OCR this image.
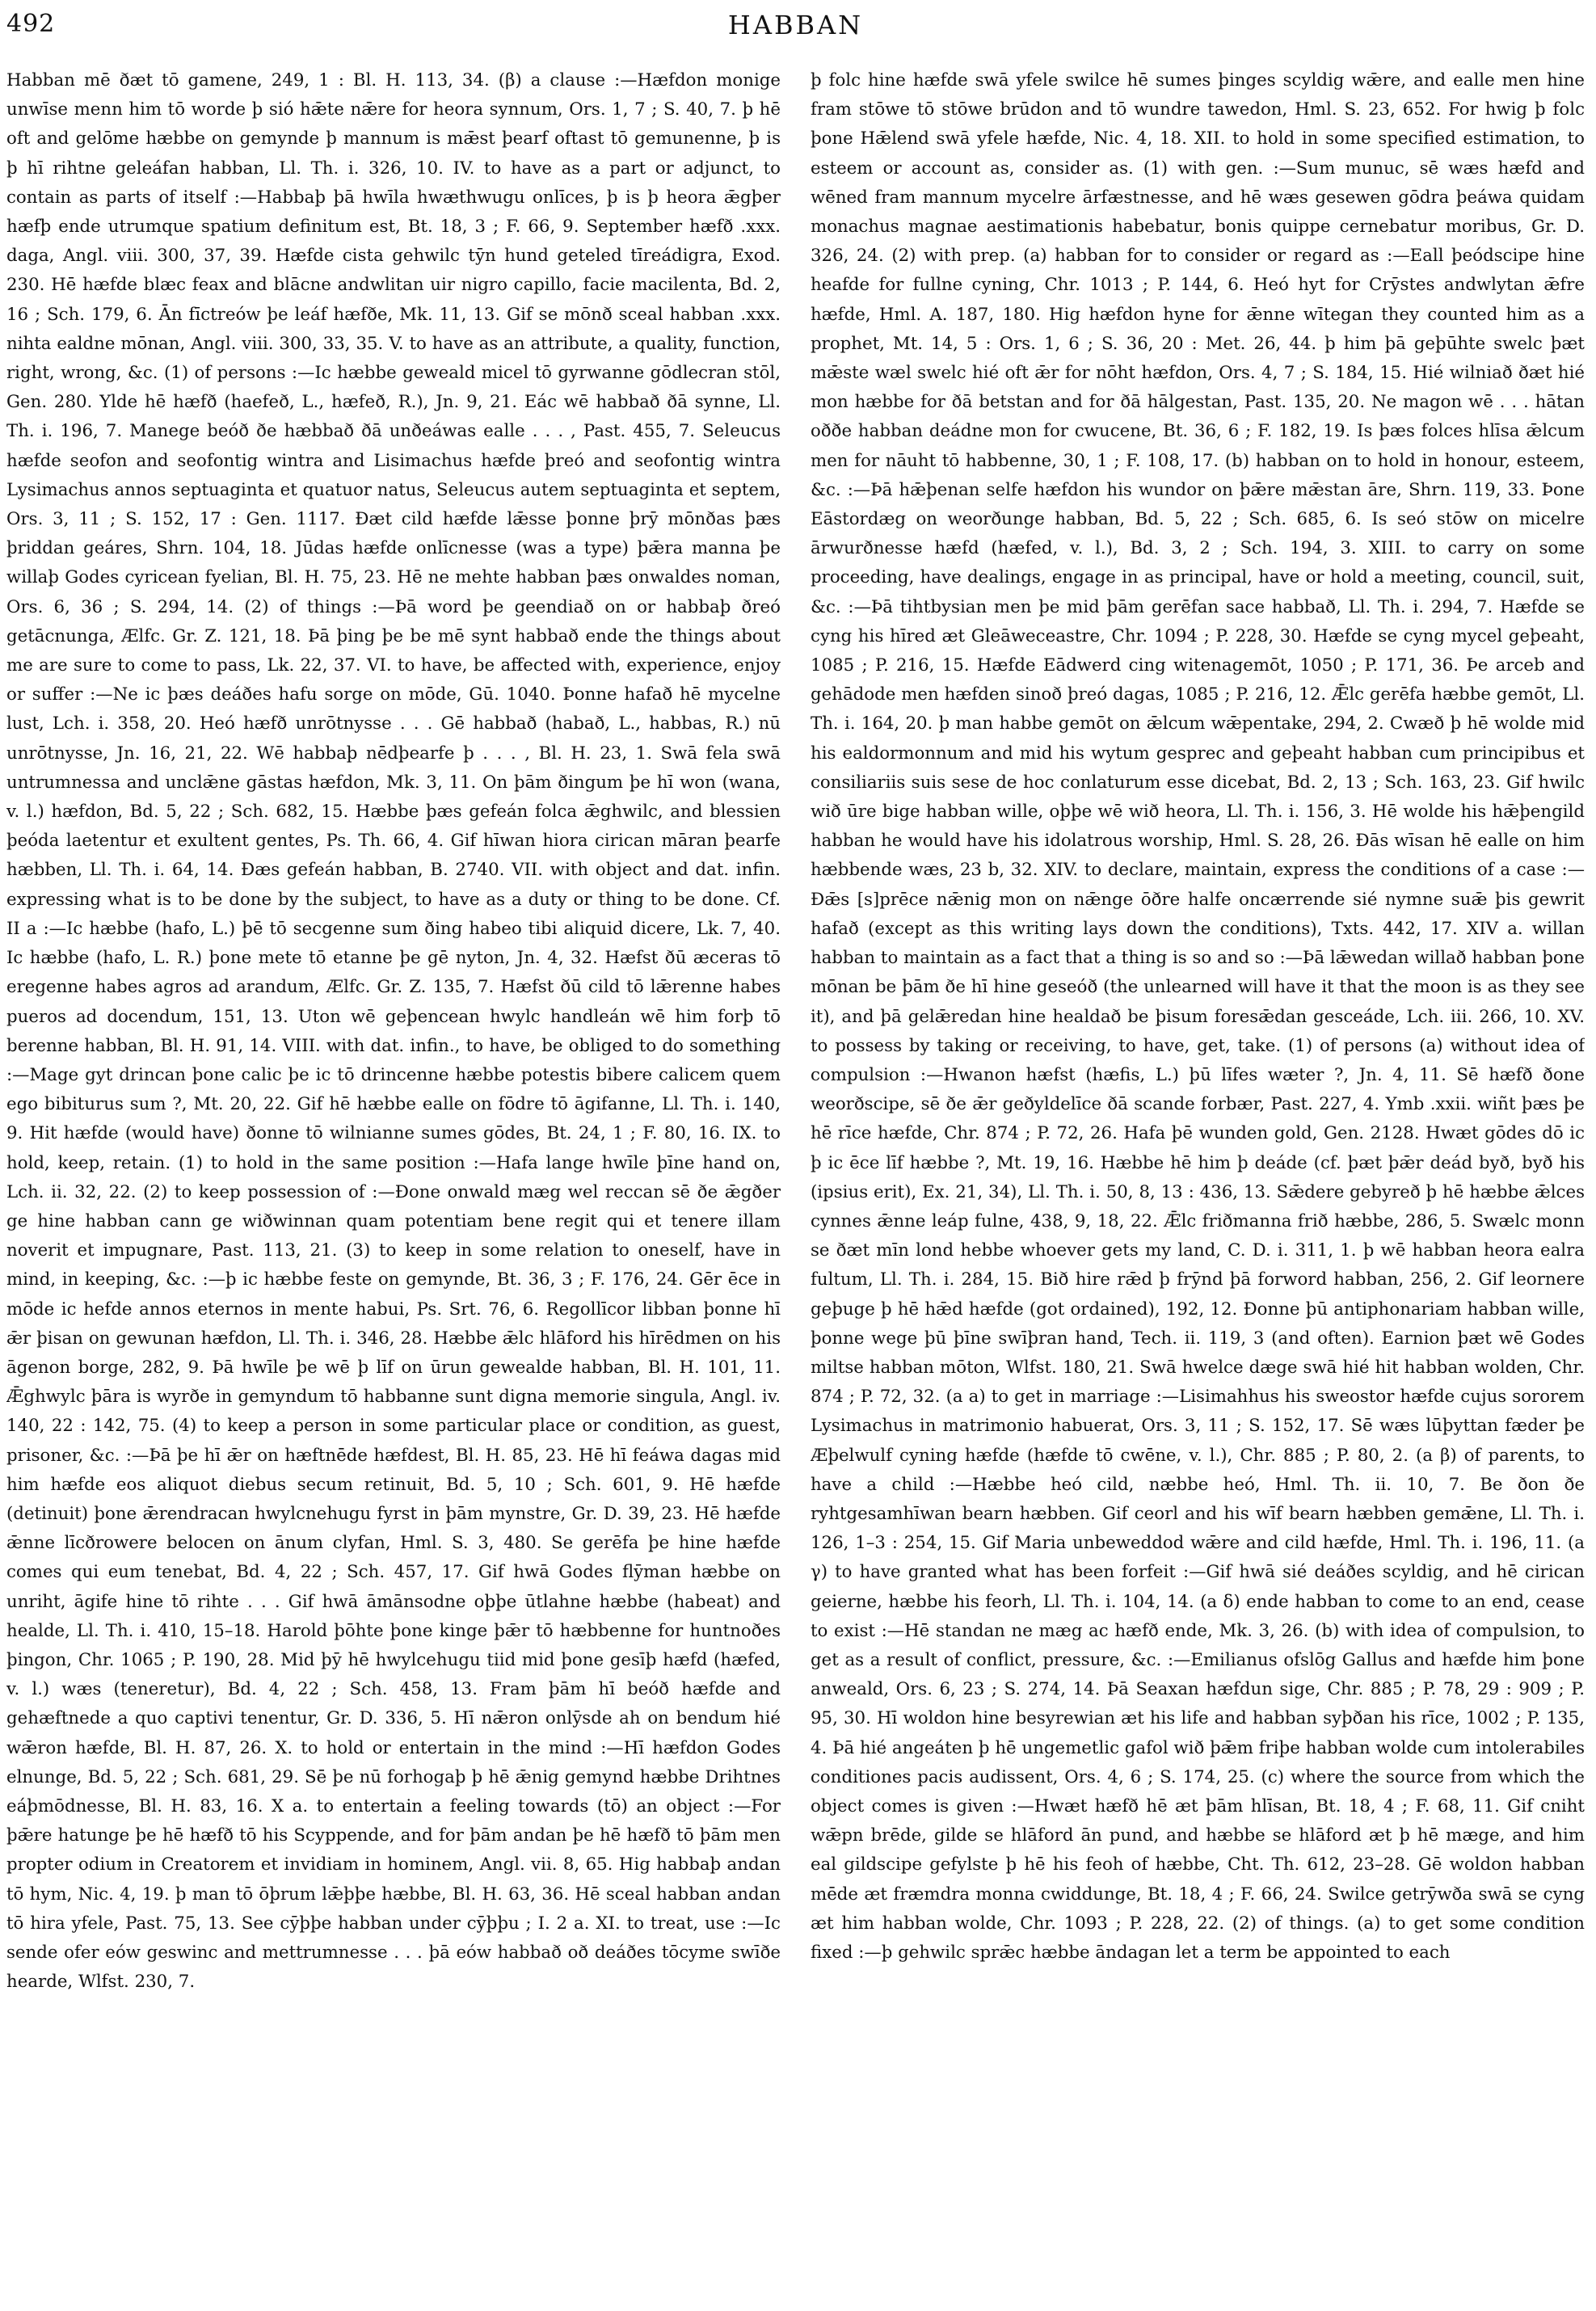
492	HABBAN

Habban mē ðæt tō gamene, 249, 1 : Bl. H. 113, 34. (β) a clause :—Hæfdon monige unwīse menn him tō worde þ sió hǣte nǣre for heora synnum, Ors. 1, 7 ; S. 40, 7. þ hē oft and gelōme hæbbe on gemynde þ mannum is mǣst þearf oftast tō gemunenne, þ is þ hī rihtne geleáfan habban, Ll. Th. i. 326, 10. IV. to have as a part or adjunct, to contain as parts of itself :—Habbaþ þā hwīla hwæthwugu onlīces, þ is þ heora ǣgþer hæfþ ende utrumque spatium definitum est, Bt. 18, 3 ; F. 66, 9. September hæfð .xxx. daga, Angl. viii. 300, 37, 39. Hæfde cista gehwilc tȳn hund geteled tīreádigra, Exod. 230. Hē hæfde blæc feax and blācne andwlitan uir nigro capillo, facie macilenta, Bd. 2, 16 ; Sch. 179, 6. Ān fīctreów þe leáf hæfðe, Mk. 11, 13. Gif se mōnð sceal habban .xxx. nihta ealdne mōnan, Angl. viii. 300, 33, 35. V. to have as an attribute, a quality, function, right, wrong, &c. (1) of persons :—Ic hæbbe geweald micel tō gyrwanne gōdlecran stōl, Gen. 280. Ylde hē hæfð (haefeð, L., hæfeð, R.), Jn. 9, 21. Eác wē habbað ðā synne, Ll. Th. i. 196, 7. Manege beóð ðe hæbbað ðā unðeáwas ealle . . . , Past. 455, 7. Seleucus hæfde seofon and seofontig wintra and Lisimachus hæfde þreó and seofontig wintra Lysimachus annos septuaginta et quatuor natus, Seleucus autem septuaginta et septem, Ors. 3, 11 ; S. 152, 17 : Gen. 1117. Ðæt cild hæfde lǣsse þonne þrȳ mōnðas þæs þriddan geáres, Shrn. 104, 18. Jūdas hæfde onlīcnesse (was a type) þǣra manna þe willaþ Godes cyricean fyelian, Bl. H. 75, 23. Hē ne mehte habban þæs onwaldes noman, Ors. 6, 36 ; S. 294, 14. (2) of things :—Þā word þe geendiað on or habbaþ ðreó getācnunga, Ælfc. Gr. Z. 121, 18. Þā þing þe be mē synt habbað ende the things about me are sure to come to pass, Lk. 22, 37. VI. to have, be affected with, experience, enjoy or suffer :—Ne ic þæs deáðes hafu sorge on mōde, Gū. 1040. Þonne hafað hē mycelne lust, Lch. i. 358, 20. Heó hæfð unrōtnysse . . . Gē habbað (habað, L., habbas, R.) nū unrōtnysse, Jn. 16, 21, 22. Wē habbaþ nēdþearfe þ . . . , Bl. H. 23, 1. Swā fela swā untrumnessa and unclǣne gāstas hæfdon, Mk. 3, 11. On þām ðingum þe hī won (wana, v. l.) hæfdon, Bd. 5, 22 ; Sch. 682, 15. Hæbbe þæs gefeán folca ǣghwilc, and blessien þeóda laetentur et exultent gentes, Ps. Th. 66, 4. Gif hīwan hiora cirican māran þearfe hæbben, Ll. Th. i. 64, 14. Ðæs gefeán habban, B. 2740. VII. with object and dat. infin. expressing what is to be done by the subject, to have as a duty or thing to be done. Cf. II a :—Ic hæbbe (hafo, L.) þē tō secgenne sum ðing habeo tibi aliquid dicere, Lk. 7, 40. Ic hæbbe (hafo, L. R.) þone mete tō etanne þe gē nyton, Jn. 4, 32. Hæfst ðū æceras tō eregenne habes agros ad arandum, Ælfc. Gr. Z. 135, 7. Hæfst ðū cild tō lǣrenne habes pueros ad docendum, 151, 13. Uton wē geþencean hwylc handleán wē him forþ tō berenne habban, Bl. H. 91, 14. VIII. with dat. infin., to have, be obliged to do something :—Mage gyt drincan þone calic þe ic tō drincenne hæbbe potestis bibere calicem quem ego bibiturus sum ?, Mt. 20, 22. Gif hē hæbbe ealle on fōdre tō āgifanne, Ll. Th. i. 140, 9. Hit hæfde (would have) ðonne tō wilnianne sumes gōdes, Bt. 24, 1 ; F. 80, 16. IX. to hold, keep, retain. (1) to hold in the same position :—Hafa lange hwīle þīne hand on, Lch. ii. 32, 22. (2) to keep possession of :—Ðone onwald mæg wel reccan sē ðe ǣgðer ge hine habban cann ge wiðwinnan quam potentiam bene regit qui et tenere illam noverit et impugnare, Past. 113, 21. (3) to keep in some relation to oneself, have in mind, in keeping, &c. :—þ ic hæbbe feste on gemynde, Bt. 36, 3 ; F. 176, 24. Gēr ēce in mōde ic hefde annos eternos in mente habui, Ps. Srt. 76, 6. Regollīcor libban þonne hī ǣr þisan on gewunan hæfdon, Ll. Th. i. 346, 28. Hæbbe ǣlc hlāford his hīrēdmen on his āgenon borge, 282, 9. Þā hwīle þe wē þ līf on ūrun gewealde habban, Bl. H. 101, 11. Ǣghwylc þāra is wyrðe in gemyndum tō habbanne sunt digna memorie singula, Angl. iv. 140, 22 : 142, 75. (4) to keep a person in some particular place or condition, as guest, prisoner, &c. :—Þā þe hī ǣr on hæftnēde hæfdest, Bl. H. 85, 23. Hē hī feáwa dagas mid him hæfde eos aliquot diebus secum retinuit, Bd. 5, 10 ; Sch. 601, 9. Hē hæfde (detinuit) þone ǣrendracan hwylcnehugu fyrst in þām mynstre, Gr. D. 39, 23. Hē hæfde ǣnne līcðrowere belocen on ānum clyfan, Hml. S. 3, 480. Se gerēfa þe hine hæfde comes qui eum tenebat, Bd. 4, 22 ; Sch. 457, 17. Gif hwā Godes flȳman hæbbe on unriht, āgife hine tō rihte . . . Gif hwā āmānsodne oþþe ūtlahne hæbbe (habeat) and healde, Ll. Th. i. 410, 15–18. Harold þōhte þone kinge þǣr tō hæbbenne for huntnoðes þingon, Chr. 1065 ; P. 190, 28. Mid þȳ hē hwylcehugu tiid mid þone gesīþ hæfd (hæfed, v. l.) wæs (teneretur), Bd. 4, 22 ; Sch. 458, 13. Fram þām hī beóð hæfde and gehæftnede a quo captivi tenentur, Gr. D. 336, 5. Hī nǣron onlȳsde ah on bendum hié wǣron hæfde, Bl. H. 87, 26. X. to hold or entertain in the mind :—Hī hæfdon Godes elnunge, Bd. 5, 22 ; Sch. 681, 29. Sē þe nū forhogaþ þ hē ǣnig gemynd hæbbe Drihtnes eáþmōdnesse, Bl. H. 83, 16. X a. to entertain a feeling towards (tō) an object :—For þǣre hatunge þe hē hæfð tō his Scyppende, and for þām andan þe hē hæfð tō þām men propter odium in Creatorem et invidiam in hominem, Angl. vii. 8, 65. Hig habbaþ andan tō hym, Nic. 4, 19. þ man tō ōþrum lǣþþe hæbbe, Bl. H. 63, 36. Hē sceal habban andan tō hira yfele, Past. 75, 13. See cȳþþe habban under cȳþþu ; I. 2 a. XI. to treat, use :—Ic sende ofer eów geswinc and mettrumnesse . . . þā eów habbað oð deáðes tōcyme swīðe hearde, Wlfst. 230, 7.

þ folc hine hæfde swā yfele swilce hē sumes þinges scyldig wǣre, and ealle men hine fram stōwe tō stōwe brūdon and tō wundre tawedon, Hml. S. 23, 652. For hwig þ folc þone Hǣlend swā yfele hæfde, Nic. 4, 18. XII. to hold in some specified estimation, to esteem or account as, consider as. (1) with gen. :—Sum munuc, sē wæs hæfd and wēned fram mannum mycelre ārfæstnesse, and hē wæs gesewen gōdra þeáwa quidam monachus magnae aestimationis habebatur, bonis quippe cernebatur moribus, Gr. D. 326, 24. (2) with prep. (a) habban for to consider or regard as :—Eall þeódscipe hine heafde for fullne cyning, Chr. 1013 ; P. 144, 6. Heó hyt for Crȳstes andwlytan ǣfre hæfde, Hml. A. 187, 180. Hig hæfdon hyne for ǣnne wītegan they counted him as a prophet, Mt. 14, 5 : Ors. 1, 6 ; S. 36, 20 : Met. 26, 44. þ him þā geþūhte swelc þæt mǣste wæl swelc hié oft ǣr for nōht hæfdon, Ors. 4, 7 ; S. 184, 15. Hié wilniað ðæt hié mon hæbbe for ðā betstan and for ðā hālgestan, Past. 135, 20. Ne magon wē . . . hātan oððe habban deádne mon for cwucene, Bt. 36, 6 ; F. 182, 19. Is þæs folces hlīsa ǣlcum men for nāuht tō habbenne, 30, 1 ; F. 108, 17. (b) habban on to hold in honour, esteem, &c. :—Þā hǣþenan selfe hæfdon his wundor on þǣre mǣstan āre, Shrn. 119, 33. Þone Eāstordæg on weorðunge habban, Bd. 5, 22 ; Sch. 685, 6. Is seó stōw on micelre ārwurðnesse hæfd (hæfed, v. l.), Bd. 3, 2 ; Sch. 194, 3. XIII. to carry on some proceeding, have dealings, engage in as principal, have or hold a meeting, council, suit, &c. :—Þā tihtbysian men þe mid þām gerēfan sace habbað, Ll. Th. i. 294, 7. Hæfde se cyng his hīred æt Gleāweceastre, Chr. 1094 ; P. 228, 30. Hæfde se cyng mycel geþeaht, 1085 ; P. 216, 15. Hæfde Eādwerd cing witenagemōt, 1050 ; P. 171, 36. Þe arceb and gehādode men hæfden sinoð þreó dagas, 1085 ; P. 216, 12. Ǣlc gerēfa hæbbe gemōt, Ll. Th. i. 164, 20. þ man habbe gemōt on ǣlcum wǣpentake, 294, 2. Cwæð þ hē wolde mid his ealdormonnum and mid his wytum gesprec and geþeaht habban cum principibus et consiliariis suis sese de hoc conlaturum esse dicebat, Bd. 2, 13 ; Sch. 163, 23. Gif hwilc wið ūre bige habban wille, oþþe wē wið heora, Ll. Th. i. 156, 3. Hē wolde his hǣþengild habban he would have his idolatrous worship, Hml. S. 28, 26. Ðās wīsan hē ealle on him hæbbende wæs, 23 b, 32. XIV. to declare, maintain, express the conditions of a case :—Ðǣs [s]prēce nǣnig mon on nǣnge ōðre halfe oncærrende sié nymne suǣ þis gewrit hafað (except as this writing lays down the conditions), Txts. 442, 17. XIV a. willan habban to maintain as a fact that a thing is so and so :—Þā lǣwedan willað habban þone mōnan be þām ðe hī hine geseóð (the unlearned will have it that the moon is as they see it), and þā gelǣredan hine healdað be þisum foresǣdan gesceáde, Lch. iii. 266, 10. XV. to possess by taking or receiving, to have, get, take. (1) of persons (a) without idea of compulsion :—Hwanon hæfst (hæfis, L.) þū līfes wæter ?, Jn. 4, 11. Sē hæfð ðone weorðscipe, sē ðe ǣr geðyldelīce ðā scande forbær, Past. 227, 4. Ymb .xxii. wiñt þæs þe hē rīce hæfde, Chr. 874 ; P. 72, 26. Hafa þē wunden gold, Gen. 2128. Hwæt gōdes dō ic þ ic ēce līf hæbbe ?, Mt. 19, 16. Hæbbe hē him þ deáde (cf. þæt þǣr deád byð, byð his (ipsius erit), Ex. 21, 34), Ll. Th. i. 50, 8, 13 : 436, 13. Sǣdere gebyreð þ hē hæbbe ǣlces cynnes ǣnne leáp fulne, 438, 9, 18, 22. Ǣlc friðmanna frið hæbbe, 286, 5. Swælc monn se ðæt mīn lond hebbe whoever gets my land, C. D. i. 311, 1. þ wē habban heora ealra fultum, Ll. Th. i. 284, 15. Bið hire rǣd þ frȳnd þā forword habban, 256, 2. Gif leornere geþuge þ hē hǣd hæfde (got ordained), 192, 12. Ðonne þū antiphonariam habban wille, þonne wege þū þīne swīþran hand, Tech. ii. 119, 3 (and often). Earnion þæt wē Godes miltse habban mōton, Wlfst. 180, 21. Swā hwelce dæge swā hié hit habban wolden, Chr. 874 ; P. 72, 32. (a a) to get in marriage :—Lisimahhus his sweostor hæfde cujus sororem Lysimachus in matrimonio habuerat, Ors. 3, 11 ; S. 152, 17. Sē wæs lūþyttan fæder þe Æþelwulf cyning hæfde (hæfde tō cwēne, v. l.), Chr. 885 ; P. 80, 2. (a β) of parents, to have a child :—Hæbbe heó cild, næbbe heó, Hml. Th. ii. 10, 7. Be ðon ðe ryhtgesamhīwan bearn hæbben. Gif ceorl and his wīf bearn hæbben gemǣne, Ll. Th. i. 126, 1–3 : 254, 15. Gif Maria unbeweddod wǣre and cild hæfde, Hml. Th. i. 196, 11. (a γ) to have granted what has been forfeit :—Gif hwā sié deáðes scyldig, and hē cirican geierne, hæbbe his feorh, Ll. Th. i. 104, 14. (a δ) ende habban to come to an end, cease to exist :—Hē standan ne mæg ac hæfð ende, Mk. 3, 26. (b) with idea of compulsion, to get as a result of conflict, pressure, &c. :—Emilianus ofslōg Gallus and hæfde him þone anweald, Ors. 6, 23 ; S. 274, 14. Þā Seaxan hæfdun sige, Chr. 885 ; P. 78, 29 : 909 ; P. 95, 30. Hī woldon hine besyrewian æt his life and habban syþðan his rīce, 1002 ; P. 135, 4. Þā hié angeáten þ hē ungemetlic gafol wið þǣm friþe habban wolde cum intolerabiles conditiones pacis audissent, Ors. 4, 6 ; S. 174, 25. (c) where the source from which the object comes is given :—Hwæt hæfð hē æt þām hlīsan, Bt. 18, 4 ; F. 68, 11. Gif cniht wǣpn brēde, gilde se hlāford ān pund, and hæbbe se hlāford æt þ hē mæge, and him eal gildscipe gefylste þ hē his feoh of hæbbe, Cht. Th. 612, 23–28. Gē woldon habban mēde æt fræmdra monna cwiddunge, Bt. 18, 4 ; F. 66, 24. Swilce getrȳwða swā se cyng æt him habban wolde, Chr. 1093 ; P. 228, 22. (2) of things. (a) to get some condition fixed :—þ gehwilc sprǣc hæbbe āndagan let a term be appointed to each
